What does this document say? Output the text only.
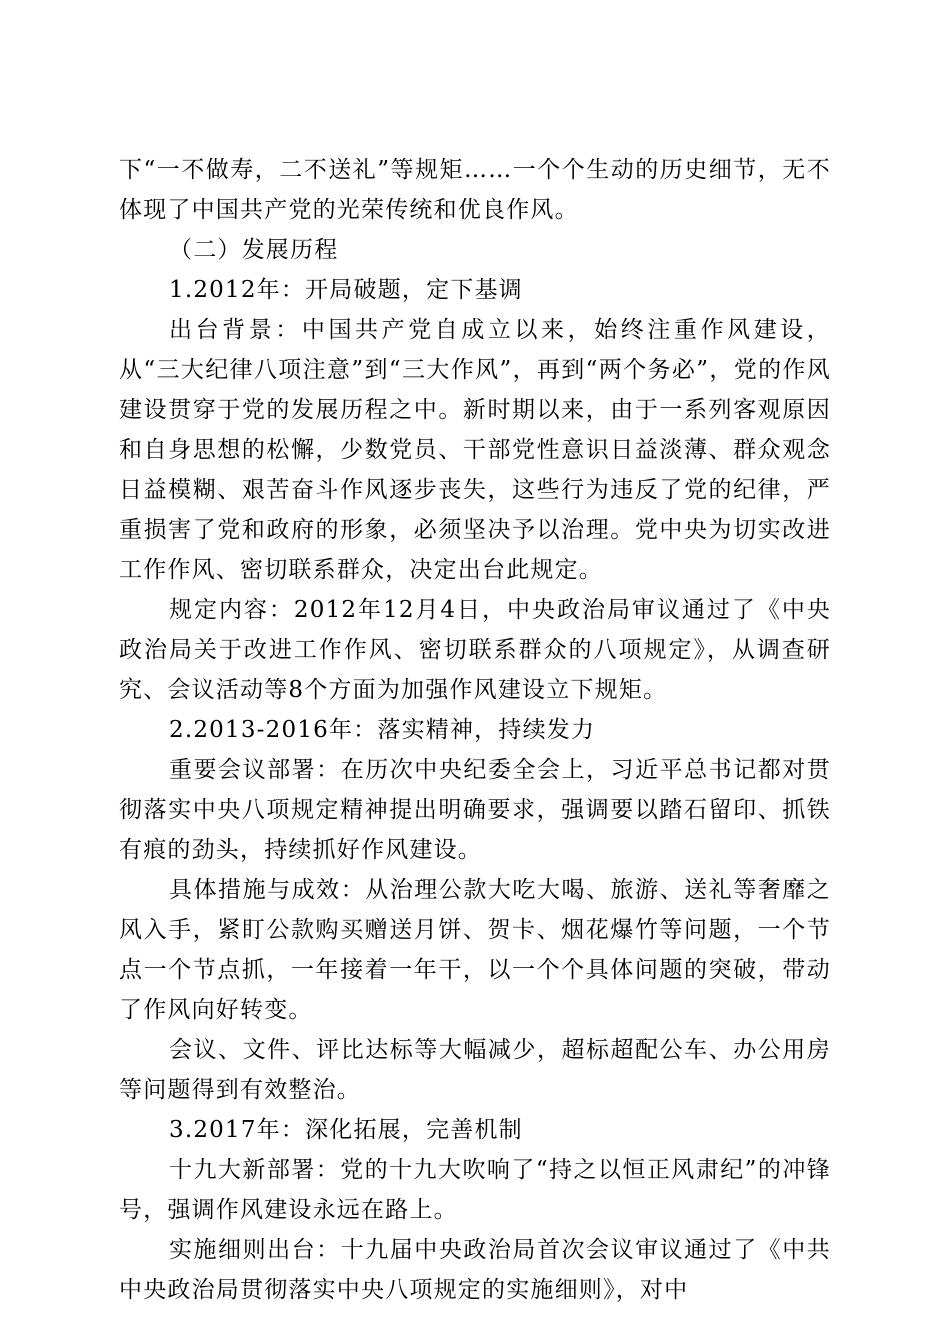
下“一不做寿，二不送礼”等规矩……一个个生动的历史细节，无不体现了中国共产党的光荣传统和优良作风。

（二）发展历程

1.2012年：开局破题，定下基调

出台背景：中国共产党自成立以来，始终注重作风建设，从“三大纪律八项注意”到“三大作风”，再到“两个务必”，党的作风建设贯穿于党的发展历程之中。新时期以来，由于一系列客观原因和自身思想的松懈，少数党员、干部党性意识日益淡薄、群众观念日益模糊、艰苦奋斗作风逐步丧失，这些行为违反了党的纪律，严重损害了党和政府的形象，必须坚决予以治理。党中央为切实改进工作作风、密切联系群众，决定出台此规定。

规定内容：2012年12月4日，中央政治局审议通过了《中央政治局关于改进工作作风、密切联系群众的八项规定》，从调查研究、会议活动等8个方面为加强作风建设立下规矩。

2.2013-2016年：落实精神，持续发力

重要会议部署：在历次中央纪委全会上，习近平总书记都对贯彻落实中央八项规定精神提出明确要求，强调要以踏石留印、抓铁有痕的劲头，持续抓好作风建设。

具体措施与成效：从治理公款大吃大喝、旅游、送礼等奢靡之风入手，紧盯公款购买赠送月饼、贺卡、烟花爆竹等问题，一个节点一个节点抓，一年接着一年干，以一个个具体问题的突破，带动了作风向好转变。

会议、文件、评比达标等大幅减少，超标超配公车、办公用房等问题得到有效整治。

3.2017年：深化拓展，完善机制

十九大新部署：党的十九大吹响了“持之以恒正风肃纪”的冲锋号，强调作风建设永远在路上。

实施细则出台：十九届中央政治局首次会议审议通过了《中共中央政治局贯彻落实中央八项规定的实施细则》，对中
